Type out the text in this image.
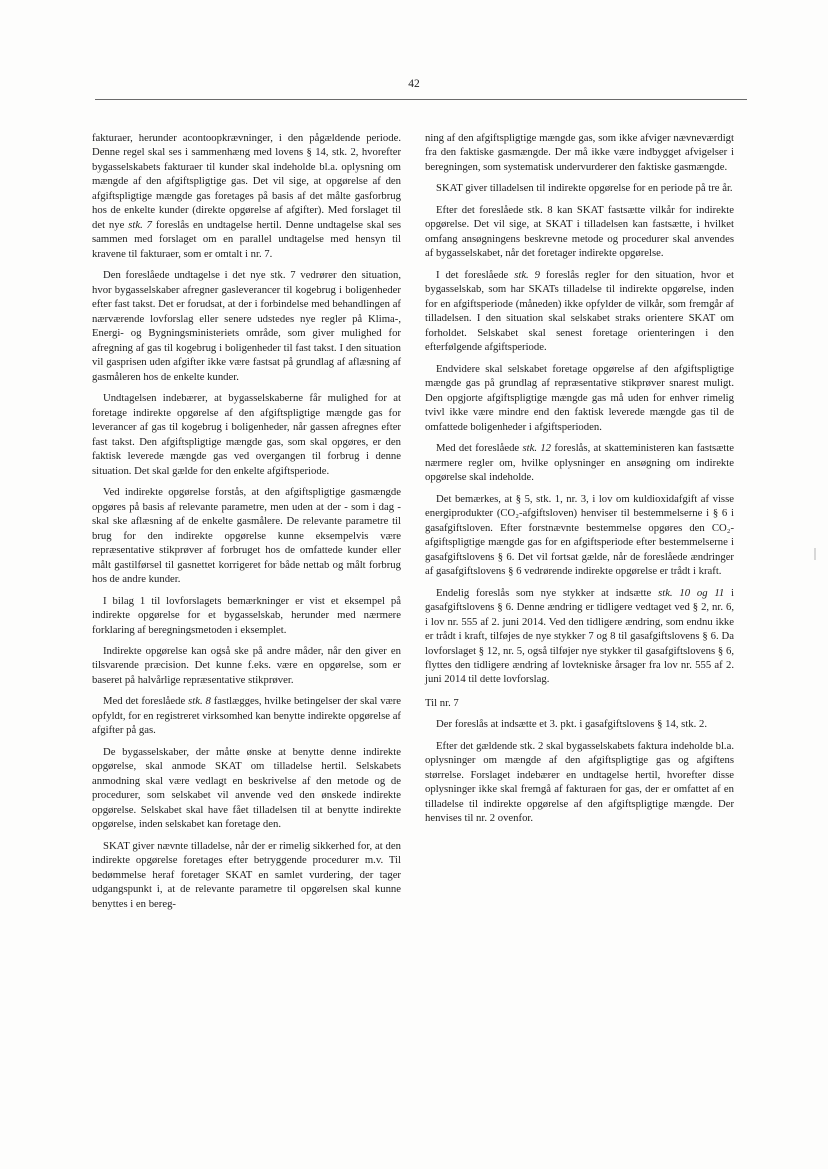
42

fakturaer, herunder acontoopkrævninger, i den pågældende periode. Denne regel skal ses i sammenhæng med lovens § 14, stk. 2, hvorefter bygasselskabets fakturaer til kunder skal indeholde bl.a. oplysning om mængde af den afgiftspligtige gas. Det vil sige, at opgørelse af den afgiftspligtige mængde gas foretages på basis af det målte gasforbrug hos de enkelte kunder (direkte opgørelse af afgifter). Med forslaget til det nye stk. 7 foreslås en undtagelse hertil. Denne undtagelse skal ses sammen med forslaget om en parallel undtagelse med hensyn til kravene til fakturaer, som er omtalt i nr. 7.

Den foreslåede undtagelse i det nye stk. 7 vedrører den situation, hvor bygasselskaber afregner gasleverancer til kogebrug i boligenheder efter fast takst. Det er forudsat, at der i forbindelse med behandlingen af nærværende lovforslag eller senere udstedes nye regler på Klima-, Energi- og Bygningsministeriets område, som giver mulighed for afregning af gas til kogebrug i boligenheder til fast takst. I den situation vil gasprisen uden afgifter ikke være fastsat på grundlag af aflæsning af gasmåleren hos de enkelte kunder.

Undtagelsen indebærer, at bygasselskaberne får mulighed for at foretage indirekte opgørelse af den afgiftspligtige mængde gas for leverancer af gas til kogebrug i boligenheder, når gassen afregnes efter fast takst. Den afgiftspligtige mængde gas, som skal opgøres, er den faktisk leverede mængde gas ved overgangen til forbrug i denne situation. Det skal gælde for den enkelte afgiftsperiode.

Ved indirekte opgørelse forstås, at den afgiftspligtige gasmængde opgøres på basis af relevante parametre, men uden at der - som i dag - skal ske aflæsning af de enkelte gasmålere. De relevante parametre til brug for den indirekte opgørelse kunne eksempelvis være repræsentative stikprøver af forbruget hos de omfattede kunder eller målt gastilførsel til gasnettet korrigeret for både nettab og målt forbrug hos de andre kunder.

I bilag 1 til lovforslagets bemærkninger er vist et eksempel på indirekte opgørelse for et bygasselskab, herunder med nærmere forklaring af beregningsmetoden i eksemplet.

Indirekte opgørelse kan også ske på andre måder, når den giver en tilsvarende præcision. Det kunne f.eks. være en opgørelse, som er baseret på halvårlige repræsentative stikprøver.

Med det foreslåede stk. 8 fastlægges, hvilke betingelser der skal være opfyldt, for en registreret virksomhed kan benytte indirekte opgørelse af afgifter på gas.

De bygasselskaber, der måtte ønske at benytte denne indirekte opgørelse, skal anmode SKAT om tilladelse hertil. Selskabets anmodning skal være vedlagt en beskrivelse af den metode og de procedurer, som selskabet vil anvende ved den ønskede indirekte opgørelse. Selskabet skal have fået tilladelsen til at benytte indirekte opgørelse, inden selskabet kan foretage den.

SKAT giver nævnte tilladelse, når der er rimelig sikkerhed for, at den indirekte opgørelse foretages efter betryggende procedurer m.v. Til bedømmelse heraf foretager SKAT en samlet vurdering, der tager udgangspunkt i, at de relevante parametre til opgørelsen skal kunne benyttes i en bereg-

ning af den afgiftspligtige mængde gas, som ikke afviger nævneværdigt fra den faktiske gasmængde. Der må ikke være indbygget afvigelser i beregningen, som systematisk undervurderer den faktiske gasmængde.

SKAT giver tilladelsen til indirekte opgørelse for en periode på tre år.

Efter det foreslåede stk. 8 kan SKAT fastsætte vilkår for indirekte opgørelse. Det vil sige, at SKAT i tilladelsen kan fastsætte, i hvilket omfang ansøgningens beskrevne metode og procedurer skal anvendes af bygasselskabet, når det foretager indirekte opgørelse.

I det foreslåede stk. 9 foreslås regler for den situation, hvor et bygasselskab, som har SKATs tilladelse til indirekte opgørelse, inden for en afgiftsperiode (måneden) ikke opfylder de vilkår, som fremgår af tilladelsen. I den situation skal selskabet straks orientere SKAT om forholdet. Selskabet skal senest foretage orienteringen i den efterfølgende afgiftsperiode.

Endvidere skal selskabet foretage opgørelse af den afgiftspligtige mængde gas på grundlag af repræsentative stikprøver snarest muligt. Den opgjorte afgiftspligtige mængde gas må uden for enhver rimelig tvivl ikke være mindre end den faktisk leverede mængde gas til de omfattede boligenheder i afgiftsperioden.

Med det foreslåede stk. 12 foreslås, at skatteministeren kan fastsætte nærmere regler om, hvilke oplysninger en ansøgning om indirekte opgørelse skal indeholde.

Det bemærkes, at § 5, stk. 1, nr. 3, i lov om kuldioxidafgift af visse energiprodukter (CO₂-afgiftsloven) henviser til bestemmelserne i § 6 i gasafgiftsloven. Efter forstnævnte bestemmelse opgøres den CO₂-afgiftspligtige mængde gas for en afgiftsperiode efter bestemmelserne i gasafgiftslovens § 6. Det vil fortsat gælde, når de foreslåede ændringer af gasafgiftslovens § 6 vedrørende indirekte opgørelse er trådt i kraft.

Endelig foreslås som nye stykker at indsætte stk. 10 og 11 i gasafgiftslovens § 6. Denne ændring er tidligere vedtaget ved § 2, nr. 6, i lov nr. 555 af 2. juni 2014. Ved den tidligere ændring, som endnu ikke er trådt i kraft, tilføjes de nye stykker 7 og 8 til gasafgiftslovens § 6. Da lovforslaget § 12, nr. 5, også tilføjer nye stykker til gasafgiftslovens § 6, flyttes den tidligere ændring af lovtekniske årsager fra lov nr. 555 af 2. juni 2014 til dette lovforslag.

Til nr. 7

Der foreslås at indsætte et 3. pkt. i gasafgiftslovens § 14, stk. 2.

Efter det gældende stk. 2 skal bygasselskabets faktura indeholde bl.a. oplysninger om mængde af den afgiftspligtige gas og afgiftens størrelse. Forslaget indebærer en undtagelse hertil, hvorefter disse oplysninger ikke skal fremgå af fakturaen for gas, der er omfattet af en tilladelse til indirekte opgørelse af den afgiftspligtige mængde. Der henvises til nr. 2 ovenfor.
